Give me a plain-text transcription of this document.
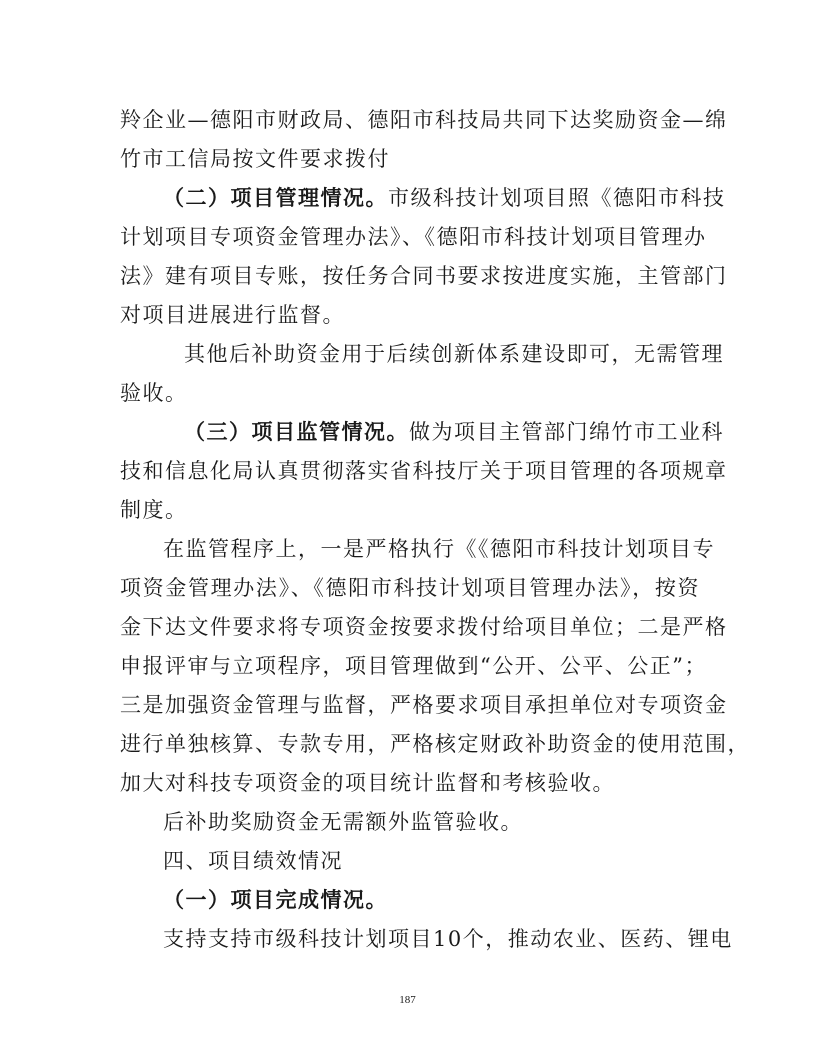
羚企业—德阳市财政局、德阳市科技局共同下达奖励资金—绵
竹市工信局按文件要求拨付
（二）项目管理情况。市级科技计划项目照《德阳市科技
计划项目专项资金管理办法》、《德阳市科技计划项目管理办
法》建有项目专账，按任务合同书要求按进度实施，主管部门
对项目进展进行监督。
其他后补助资金用于后续创新体系建设即可，无需管理
验收。
（三）项目监管情况。做为项目主管部门绵竹市工业科
技和信息化局认真贯彻落实省科技厅关于项目管理的各项规章
制度。
在监管程序上，一是严格执行《《德阳市科技计划项目专
项资金管理办法》、《德阳市科技计划项目管理办法》，按资
金下达文件要求将专项资金按要求拨付给项目单位；二是严格
申报评审与立项程序，项目管理做到“公开、公平、公正”；
三是加强资金管理与监督，严格要求项目承担单位对专项资金
进行单独核算、专款专用，严格核定财政补助资金的使用范围，
加大对科技专项资金的项目统计监督和考核验收。
后补助奖励资金无需额外监管验收。
四、项目绩效情况
（一）项目完成情况。
支持支持市级科技计划项目10个，推动农业、医药、锂电
187
